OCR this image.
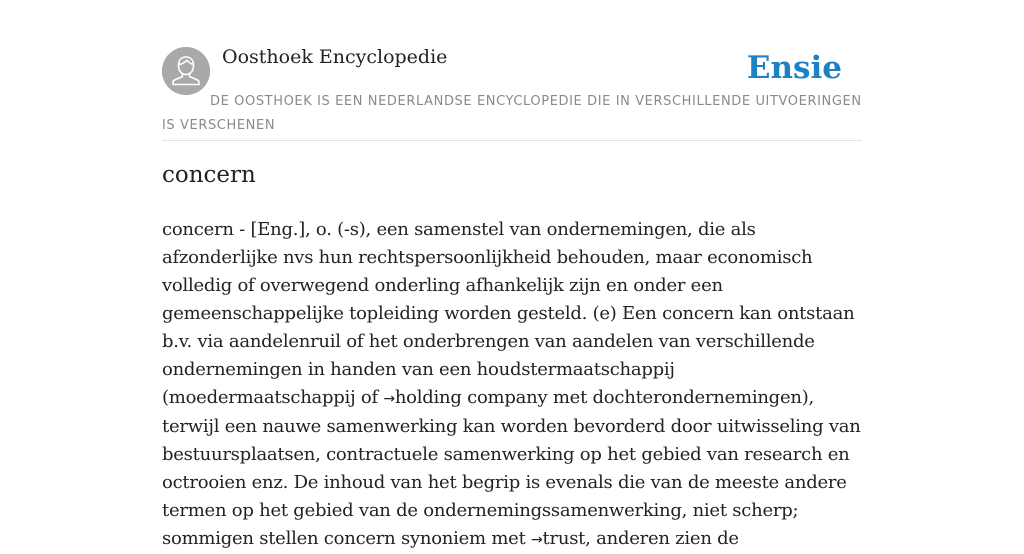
Oosthoek Encyclopedie	Ensie
DE OOSTHOEK IS EEN NEDERLANDSE ENCYCLOPEDIE DIE IN VERSCHILLENDE UITVOERINGEN IS VERSCHENEN
concern

concern - [Eng.], o. (-s), een samenstel van ondernemingen, die als afzonderlijke nvs hun rechtspersoonlijkheid behouden, maar economisch volledig of overwegend onderling afhankelijk zijn en onder een gemeenschappelijke topleiding worden gesteld. (e) Een concern kan ontstaan b.v. via aandelenruil of het onderbrengen van aandelen van verschillende ondernemingen in handen van een houdstermaatschappij (moedermaatschappij of →holding company met dochterondernemingen), terwijl een nauwe samenwerking kan worden bevorderd door uitwisseling van bestuursplaatsen, contractuele samenwerking op het gebied van research en octrooien enz. De inhoud van het begrip is evenals die van de meeste andere termen op het gebied van de ondernemingssamenwerking, niet scherp; sommigen stellen concern synoniem met →trust, anderen zien de
